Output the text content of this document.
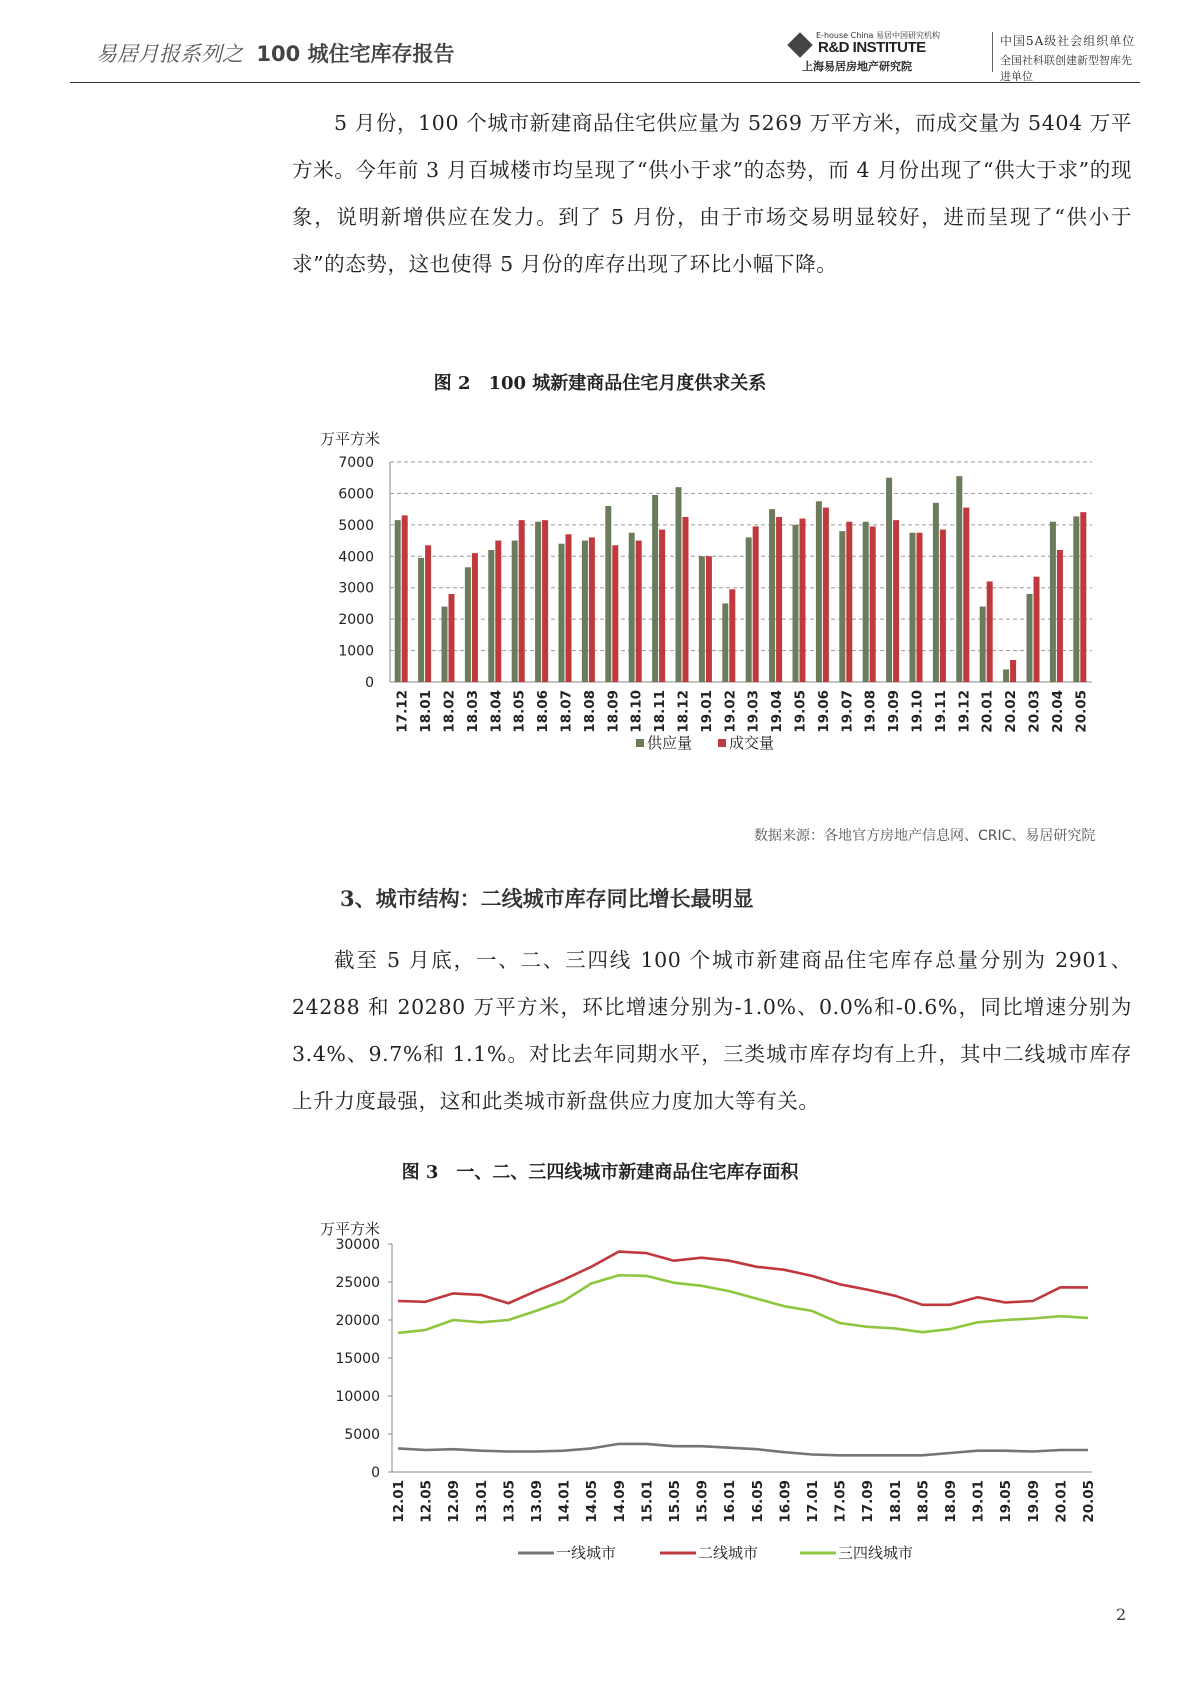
易居月报系列之 100 城住宅库存报告
E-house China 易居中国研究机构
R&D INSTITUTE
上海易居房地产研究院
中国5A级社会组织单位
全国社科联创建新型智库先进单位

5 月份，100 个城市新建商品住宅供应量为 5269 万平方米，而成交量为 5404 万平方米。今年前 3 月百城楼市均呈现了“供小于求”的态势，而 4 月份出现了“供大于求”的现象，说明新增供应在发力。到了 5 月份，由于市场交易明显较好，进而呈现了“供小于求”的态势，这也使得 5 月份的库存出现了环比小幅下降。

图 2　100 城新建商品住宅月度供求关系
万平方米
0
1000
2000
3000
4000
5000
6000
7000
17.12 18.01 18.02 18.03 18.04 18.05 18.06 18.07 18.08 18.09 18.10 18.11 18.12 19.01 19.02 19.03 19.04 19.05 19.06 19.07 19.08 19.09 19.10 19.11 19.12 20.01 20.02 20.03 20.04 20.05
供应量 成交量
数据来源：各地官方房地产信息网、CRIC、易居研究院
3、城市结构：二线城市库存同比增长最明显

截至 5 月底，一、二、三四线 100 个城市新建商品住宅库存总量分别为 2901、24288 和 20280 万平方米，环比增速分别为-1.0%、0.0%和-0.6%，同比增速分别为 3.4%、9.7%和 1.1%。对比去年同期水平，三类城市库存均有上升，其中二线城市库存上升力度最强，这和此类城市新盘供应力度加大等有关。

图 3　一、二、三四线城市新建商品住宅库存面积
万平方米
0
5000
10000
15000
20000
25000
30000
12.01 12.05 12.09 13.01 13.05 13.09 14.01 14.05 14.09 15.01 15.05 15.09 16.01 16.05 16.09 17.01 17.05 17.09 18.01 18.05 18.09 19.01 19.05 19.09 20.01 20.05
一线城市	二线城市	三四线城市
2
